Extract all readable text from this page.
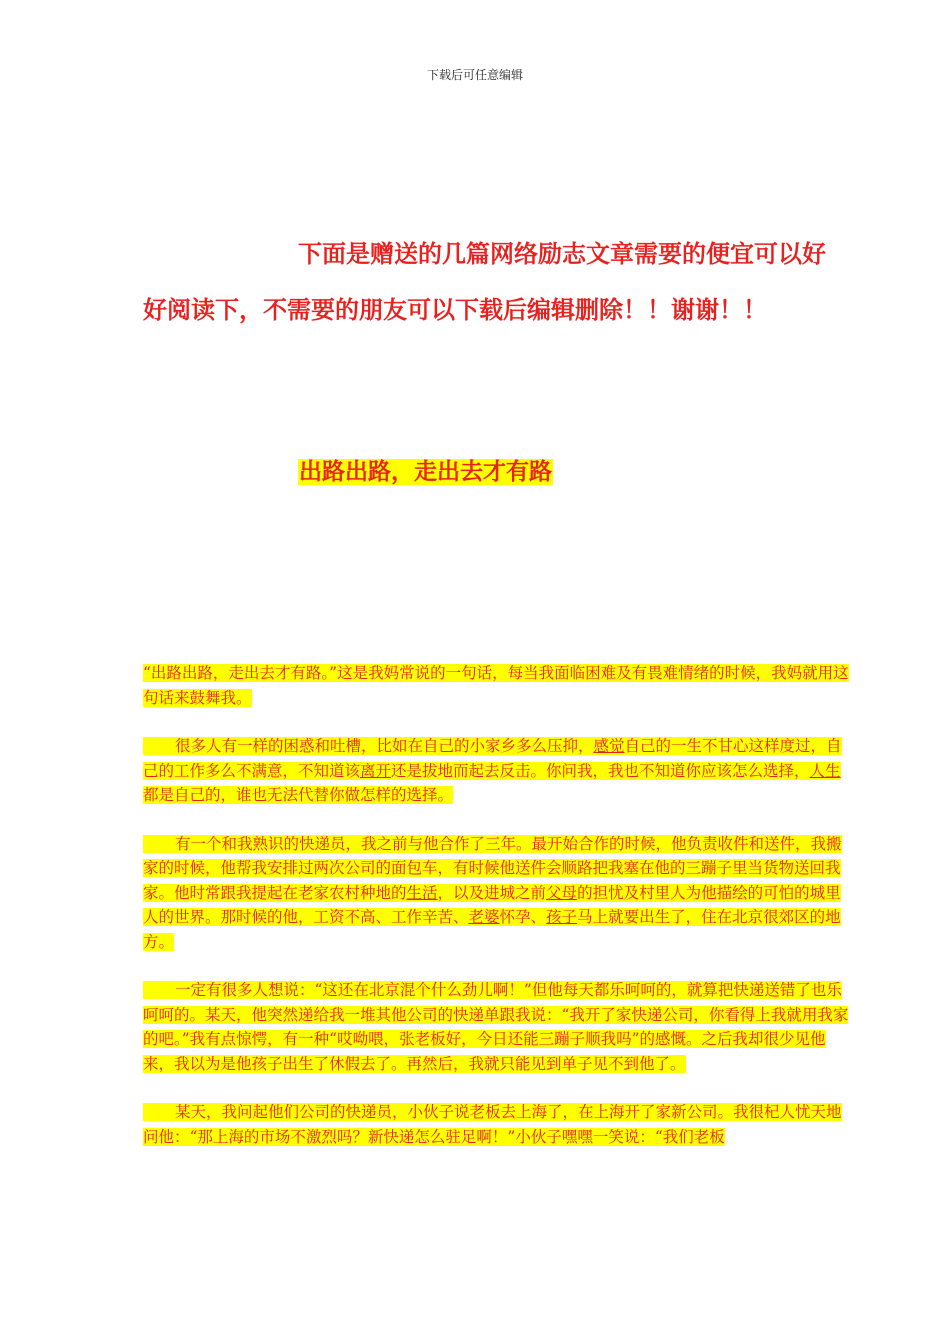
下载后可任意编辑

下面是赠送的几篇网络励志文章需要的便宜可以好
好阅读下，不需要的朋友可以下载后编辑删除！！谢谢！！

出路出路，走出去才有路

“出路出路，走出去才有路。”这是我妈常说的一句话，每当我面临困难及有畏难情绪的时候，我妈就用这句话来鼓舞我。

很多人有一样的困惑和吐槽，比如在自己的小家乡多么压抑，感觉自己的一生不甘心这样度过，自己的工作多么不满意，不知道该离开还是拔地而起去反击。你问我，我也不知道你应该怎么选择，人生都是自己的，谁也无法代替你做怎样的选择。

有一个和我熟识的快递员，我之前与他合作了三年。最开始合作的时候，他负责收件和送件，我搬家的时候，他帮我安排过两次公司的面包车，有时候他送件会顺路把我塞在他的三蹦子里当货物送回我家。他时常跟我提起在老家农村种地的生活，以及进城之前父母的担忧及村里人为他描绘的可怕的城里人的世界。那时候的他，工资不高、工作辛苦、老婆怀孕、孩子马上就要出生了，住在北京很郊区的地方。

一定有很多人想说：“这还在北京混个什么劲儿啊！”但他每天都乐呵呵的，就算把快递送错了也乐呵呵的。某天，他突然递给我一堆其他公司的快递单跟我说：“我开了家快递公司，你看得上我就用我家的吧。”我有点惊愕，有一种“哎呦喂，张老板好，今日还能三蹦子顺我吗”的感慨。之后我却很少见他来，我以为是他孩子出生了休假去了。再然后，我就只能见到单子见不到他了。

某天，我问起他们公司的快递员，小伙子说老板去上海了，在上海开了家新公司。我很杞人忧天地问他：“那上海的市场不激烈吗？新快递怎么驻足啊！”小伙子嘿嘿一笑说：“我们老板
